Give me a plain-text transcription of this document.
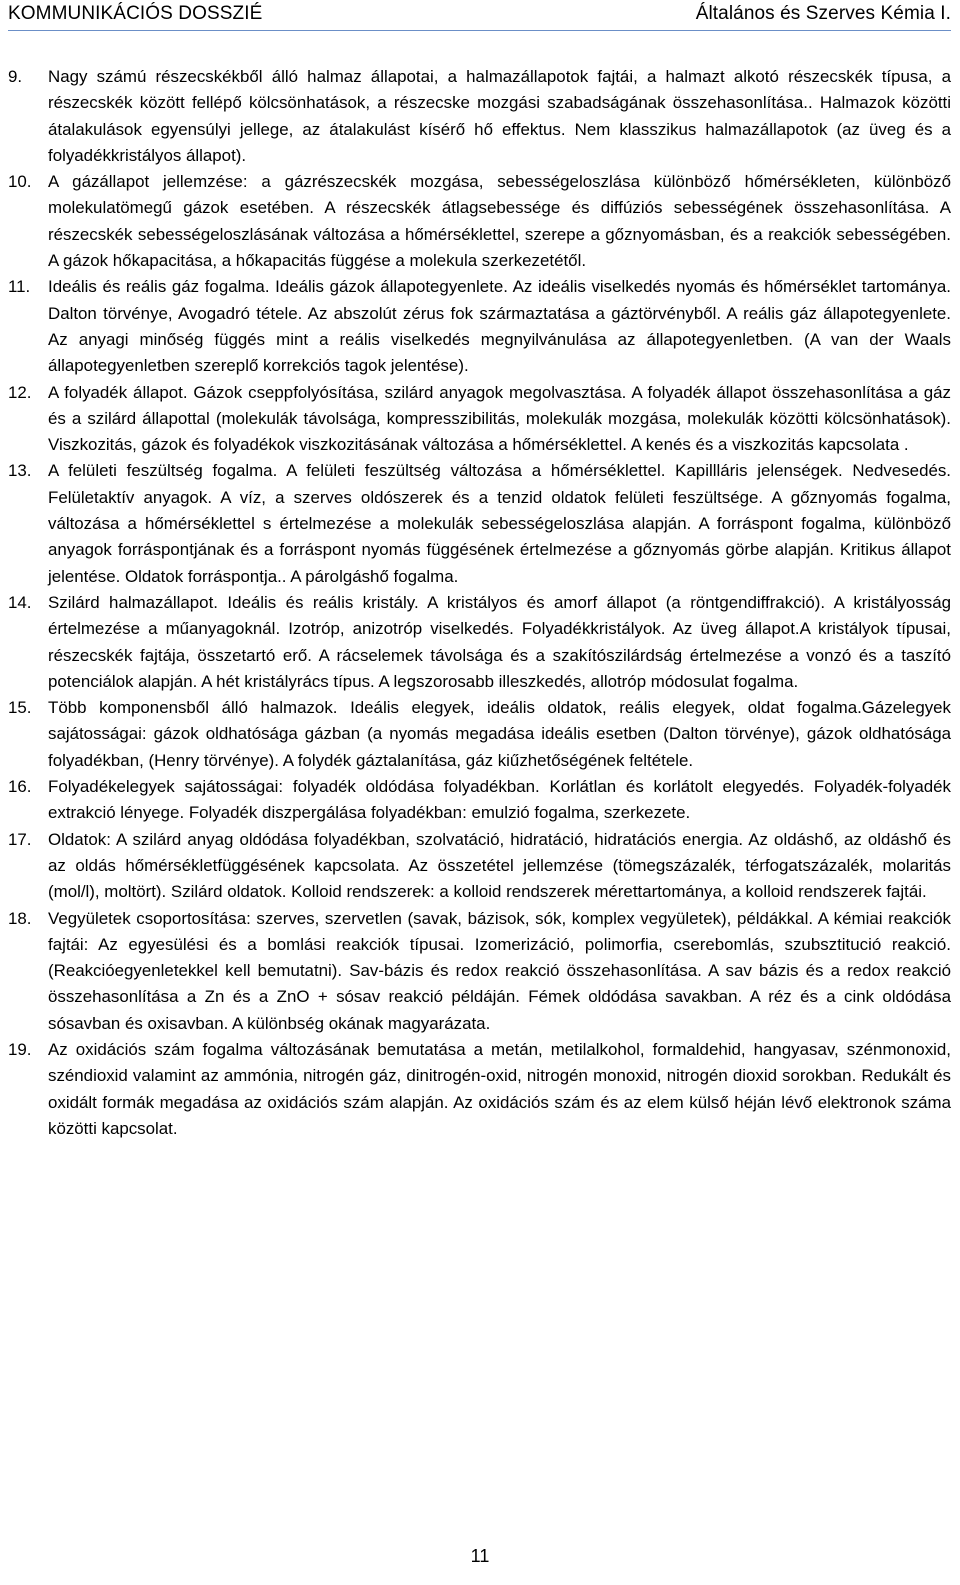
KOMMUNIKÁCIÓS DOSSZIÉ	Általános és Szerves Kémia I.
9.	Nagy számú részecskékből álló halmaz állapotai, a halmazállapotok fajtái, a halmazt alkotó részecskék típusa, a részecskék között fellépő kölcsönhatások, a részecske mozgási szabadságának összehasonlítása.. Halmazok közötti átalakulások egyensúlyi jellege, az átalakulást kísérő hő effektus. Nem klasszikus halmazállapotok (az üveg és a folyadékkristályos állapot).
10. A gázállapot jellemzése: a gázrészecskék mozgása, sebességeloszlása különböző hőmérsékleten, különböző molekulatömegű gázok esetében. A részecskék átlagsebessége és diffúziós sebességének összehasonlítása. A részecskék sebességeloszlásának változása a hőmérséklettel, szerepe a gőznyomásban, és a reakciók sebességében. A gázok hőkapacitása, a hőkapacitás függése a molekula szerkezetétől.
11.	Ideális és reális gáz fogalma. Ideális gázok állapotegyenlete. Az ideális viselkedés nyomás és hőmérséklet tartománya. Dalton törvénye, Avogadró tétele. Az abszolút zérus fok származtatása a gáztörvényből. A reális gáz állapotegyenlete. Az anyagi minőség függés mint a reális viselkedés megnyilvánulása az állapotegyenletben. (A van der Waals állapotegyenletben szereplő korrekciós tagok jelentése).
12. A folyadék állapot. Gázok cseppfolyósítása, szilárd anyagok megolvasztása. A folyadék állapot összehasonlítása a gáz és a szilárd állapottal (molekulák távolsága, kompresszibilitás, molekulák mozgása, molekulák közötti kölcsönhatások). Viszkozitás, gázok és folyadékok viszkozitásának változása a hőmérséklettel. A kenés és a viszkozitás kapcsolata .
13. A felületi feszültség fogalma. A felületi feszültség változása a hőmérséklettel. Kapillláris jelenségek. Nedvesedés. Felületaktív anyagok. A víz, a szerves oldószerek és a tenzid oldatok felületi feszültsége. A gőznyomás fogalma, változása a hőmérséklettel s értelmezése a molekulák sebességeloszlása alapján. A forráspont fogalma, különböző anyagok forráspontjának és a forráspont nyomás függésének értelmezése a gőznyomás görbe alapján. Kritikus állapot jelentése. Oldatok forráspontja.. A párolgáshő fogalma.
14. Szilárd halmazállapot. Ideális és reális kristály. A kristályos és amorf állapot (a röntgendiffrakció). A kristályosság értelmezése a műanyagoknál. Izotróp, anizotróp viselkedés. Folyadékkristályok. Az üveg állapot.A kristályok típusai, részecskék fajtája, összetartó erő. A rácselemek távolsága és a szakítószilárdság értelmezése a vonzó és a taszító potenciálok alapján. A hét kristályrács típus. A legszorosabb illeszkedés, allotróp módosulat fogalma.
15. Több komponensből álló halmazok. Ideális elegyek, ideális oldatok, reális elegyek, oldat fogalma.Gázelegyek sajátosságai: gázok oldhatósága gázban (a nyomás megadása ideális esetben (Dalton törvénye), gázok oldhatósága folyadékban, (Henry törvénye). A folydék gáztalanítása, gáz kiűzhetőségének feltétele.
16. Folyadékelegyek sajátosságai: folyadék oldódása folyadékban. Korlátlan és korlátolt elegyedés. Folyadék-folyadék extrakció lényege. Folyadék diszpergálása folyadékban: emulzió fogalma, szerkezete.
17. Oldatok: A szilárd anyag oldódása folyadékban, szolvatáció, hidratáció, hidratációs energia. Az oldáshő, az oldáshő és az oldás hőmérsékletfüggésének kapcsolata. Az összetétel jellemzése (tömegszázalék, térfogatszázalék, molaritás (mol/l), moltört). Szilárd oldatok. Kolloid rendszerek: a kolloid rendszerek mérettartománya, a kolloid rendszerek fajtái.
18. Vegyületek csoportosítása: szerves, szervetlen (savak, bázisok, sók, komplex vegyületek), példákkal. A kémiai reakciók fajtái: Az egyesülési és a bomlási reakciók típusai. Izomerizáció, polimorfia, cserebomlás, szubsztitució reakció. (Reakcióegyenletekkel kell bemutatni). Sav-bázis és redox reakció összehasonlítása. A sav bázis és a redox reakció összehasonlítása a Zn és a ZnO + sósav reakció példáján. Fémek oldódása savakban. A réz és a cink oldódása sósavban és oxisavban. A különbség okának magyarázata.
19. Az oxidációs szám fogalma változásának bemutatása a metán, metilalkohol, formaldehid, hangyasav, szénmonoxid, széndioxid valamint az ammónia, nitrogén gáz, dinitrogén-oxid, nitrogén monoxid, nitrogén dioxid sorokban. Redukált és oxidált formák megadása az oxidációs szám alapján. Az oxidációs szám és az elem külső héján lévő elektronok száma közötti kapcsolat.
11
